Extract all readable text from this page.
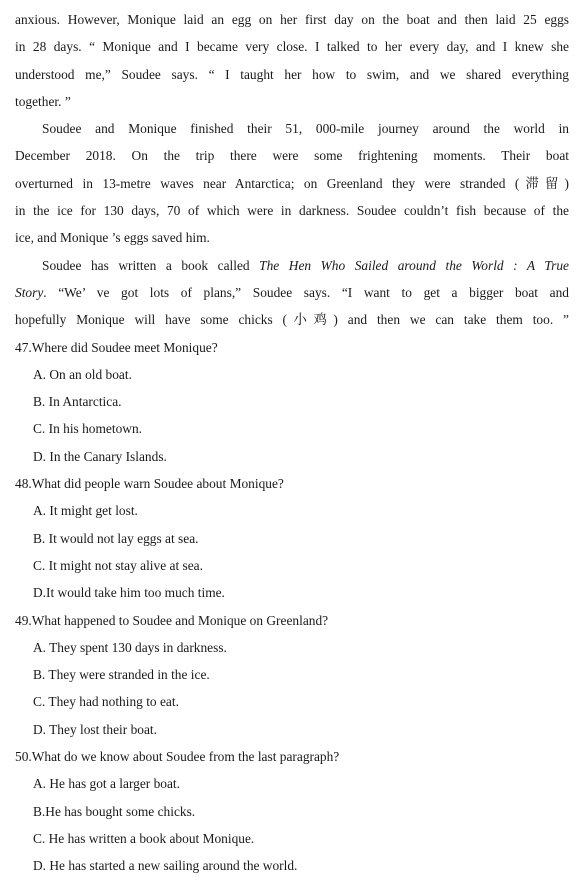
anxious. However, Monique laid an egg on her first day on the boat and then laid 25 eggs
in 28 days. “ Monique and I became very close. I talked to her every day, and I knew she
understood me,” Soudee says. “ I taught her how to swim, and we shared everything
together. ”
Soudee and Monique finished their 51, 000-mile journey around the world in
December 2018. On the trip there were some frightening moments. Their boat
overturned in 13-metre waves near Antarctica; on Greenland they were stranded (滞留)
in the ice for 130 days, 70 of which were in darkness. Soudee couldn’t fish because of the
ice, and Monique ’s eggs saved him.
Soudee has written a book called The Hen Who Sailed around the World : A True
Story. “We’ ve got lots of plans,” Soudee says. “I want to get a bigger boat and
hopefully Monique will have some chicks (小鸡) and then we can take them too. ”
47.Where did Soudee meet Monique?
A. On an old boat.
B. In Antarctica.
C. In his hometown.
D. In the Canary Islands.
48.What did people warn Soudee about Monique?
A. It might get lost.
B. It would not lay eggs at sea.
C. It might not stay alive at sea.
D.It would take him too much time.
49.What happened to Soudee and Monique on Greenland?
A. They spent 130 days in darkness.
B. They were stranded in the ice.
C. They had nothing to eat.
D. They lost their boat.
50.What do we know about Soudee from the last paragraph?
A. He has got a larger boat.
B.He has bought some chicks.
C. He has written a book about Monique.
D. He has started a new sailing around the world.
